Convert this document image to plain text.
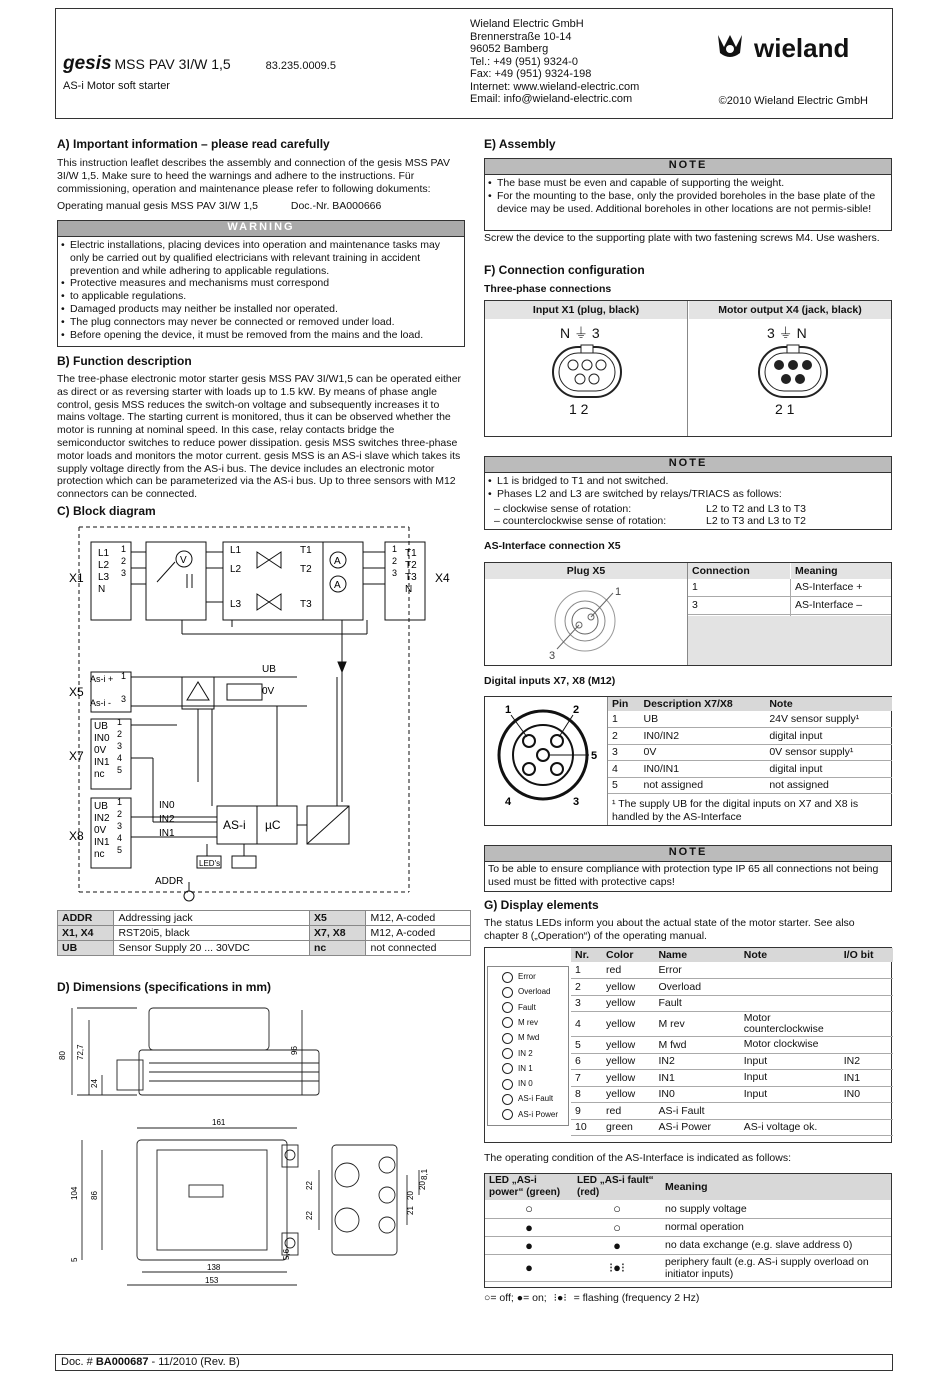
gesis MSS PAV 3I/W 1,5	83.235.0009.5
AS-i Motor soft starter
Wieland Electric GmbH
Brennerstraße 10-14
96052 Bamberg
Tel.: +49 (951) 9324-0
Fax: +49 (951) 9324-198
Internet: www.wieland-electric.com
Email: info@wieland-electric.com
wieland
©2010 Wieland Electric GmbH
A) Important information – please read carefully
This instruction leaflet describes the assembly and connection of the gesis MSS PAV 3I/W 1,5. Make sure to heed the warnings and adhere to the instructions. Für commissioning, operation and maintenance please refer to following dokuments:
Operating manual gesis MSS PAV 3I/W 1,5	Doc.-Nr. BA000666
WARNING
• Electric installations, placing devices into operation and maintenance tasks may only be carried out by qualified electricians with relevant training in accident prevention and while adhering to applicable regulations.
• Protective measures and mechanisms must correspond
• to applicable regulations.
• Damaged products may neither be installed nor operated.
• The plug connectors may never be connected or removed under load.
• Before opening the device, it must be removed from the mains and the load.
B) Function description
The tree-phase electronic motor starter gesis MSS PAV 3I/W1,5 can be operated either as direct or as reversing starter with loads up to 1.5 kW. By means of phase angle control, gesis MSS reduces the switch-on voltage and subsequently increases it to mains voltage. The starting current is monitored, thus it can be observed whether the motor is running at nominal speed. In this case, relay contacts bridge the semiconductor switches to reduce power dissipation. gesis MSS switches three-phase motor loads and monitors the motor current. gesis MSS is an AS-i slave which takes its supply voltage directly from the AS-i bus. The device includes an electronic motor protection which can be parameterized via the AS-i bus. Up to three sensors with M12 connectors can be connected.
C) Block diagram
X1	X4
X5
X7
X8
L1 1
L2 2
L3 3
N
T1
1
T2
2
T3
3
N
V	A
A
L1
L2
L3
T1
T2
T3
As-i +
As-i -
1
3
UB
0V
UB 1
IN0 2
0V 3
IN1 4
nc 5
UB 1
IN2 2
0V 3
IN1 4
nc 5
IN0
IN2
IN1
AS-i µC
LED's
ADDR
ADDR	Addressing jack	X5	M12, A-coded
X1, X4	RST20i5, black	X7, X8	M12, A-coded
UB	Sensor Supply 20 ... 30VDC	nc	not connected
D) Dimensions (specifications in mm)
80 72,7
24
96
161
104 86
5
138
153
22
22
20
20
21
8,1
5,6
E) Assembly
NOTE
• The base must be even and capable of supporting the weight.
• For the mounting to the base, only the provided boreholes in the base plate of the device may be used. Additional boreholes in other locations are not permis-sible!
Screw the device to the supporting plate with two fastening screws M4. Use washers.
F) Connection configuration
Three-phase connections
Input X1 (plug, black)	Motor output X4 (jack, black)
N ⏚ 3
1 2
3 ⏚ N
2 1
NOTE
• L1 is bridged to T1 and not switched.
• Phases L2 and L3 are switched by relays/TRIACS as follows:
– clockwise sense of rotation:	L2 to T2 and L3 to T3
– counterclockwise sense of rotation:	L2 to T3 and L3 to T2
AS-Interface connection X5
Plug X5	Connection	Meaning
1	AS-Interface +
3	AS-Interface –
1
3
Digital inputs X7, X8 (M12)
1	2
5
4	3
Pin	Description X7/X8	Note
1	UB	24V sensor supply¹
2	IN0/IN2	digital input
3	0V	0V sensor supply¹
4	IN0/IN1	digital input
5	not assigned	not assigned
¹ The supply UB for the digital inputs on X7 and X8 is handled by the AS-Interface
NOTE
To be able to ensure compliance with protection type IP 65 all connections not being used must be fitted with protective caps!
G) Display elements
The status LEDs inform you about the actual state of the motor starter. See also chapter 8 („Operation“) of the operating manual.
Error
Overload
Fault
M rev
M fwd
IN 2
IN 1
IN 0
AS-i Fault
AS-i Power
Nr.	Color	Name	Note	I/O bit
1	red	Error		
2	yellow	Overload		
3	yellow	Fault		
4	yellow	M rev	Motor counterclockwise	
5	yellow	M fwd	Motor clockwise	
6	yellow	IN2	Input	IN2
7	yellow	IN1	Input	IN1
8	yellow	IN0	Input	IN0
9	red	AS-i Fault		
10	green	AS-i Power	AS-i voltage ok.	
The operating condition of the AS-Interface is indicated as follows:
LED „AS-i power“ (green)	LED „AS-i fault“ (red)	Meaning
○	○	no supply voltage
●	○	normal operation
●	●	no data exchange (e.g. slave address 0)
●	⁝●⁝	periphery fault (e.g. AS-i supply overload on initiator inputs)
○= off; ●= on; ⁝●⁝ = flashing (frequency 2 Hz)
Doc. # BA000687 - 11/2010 (Rev. B)
